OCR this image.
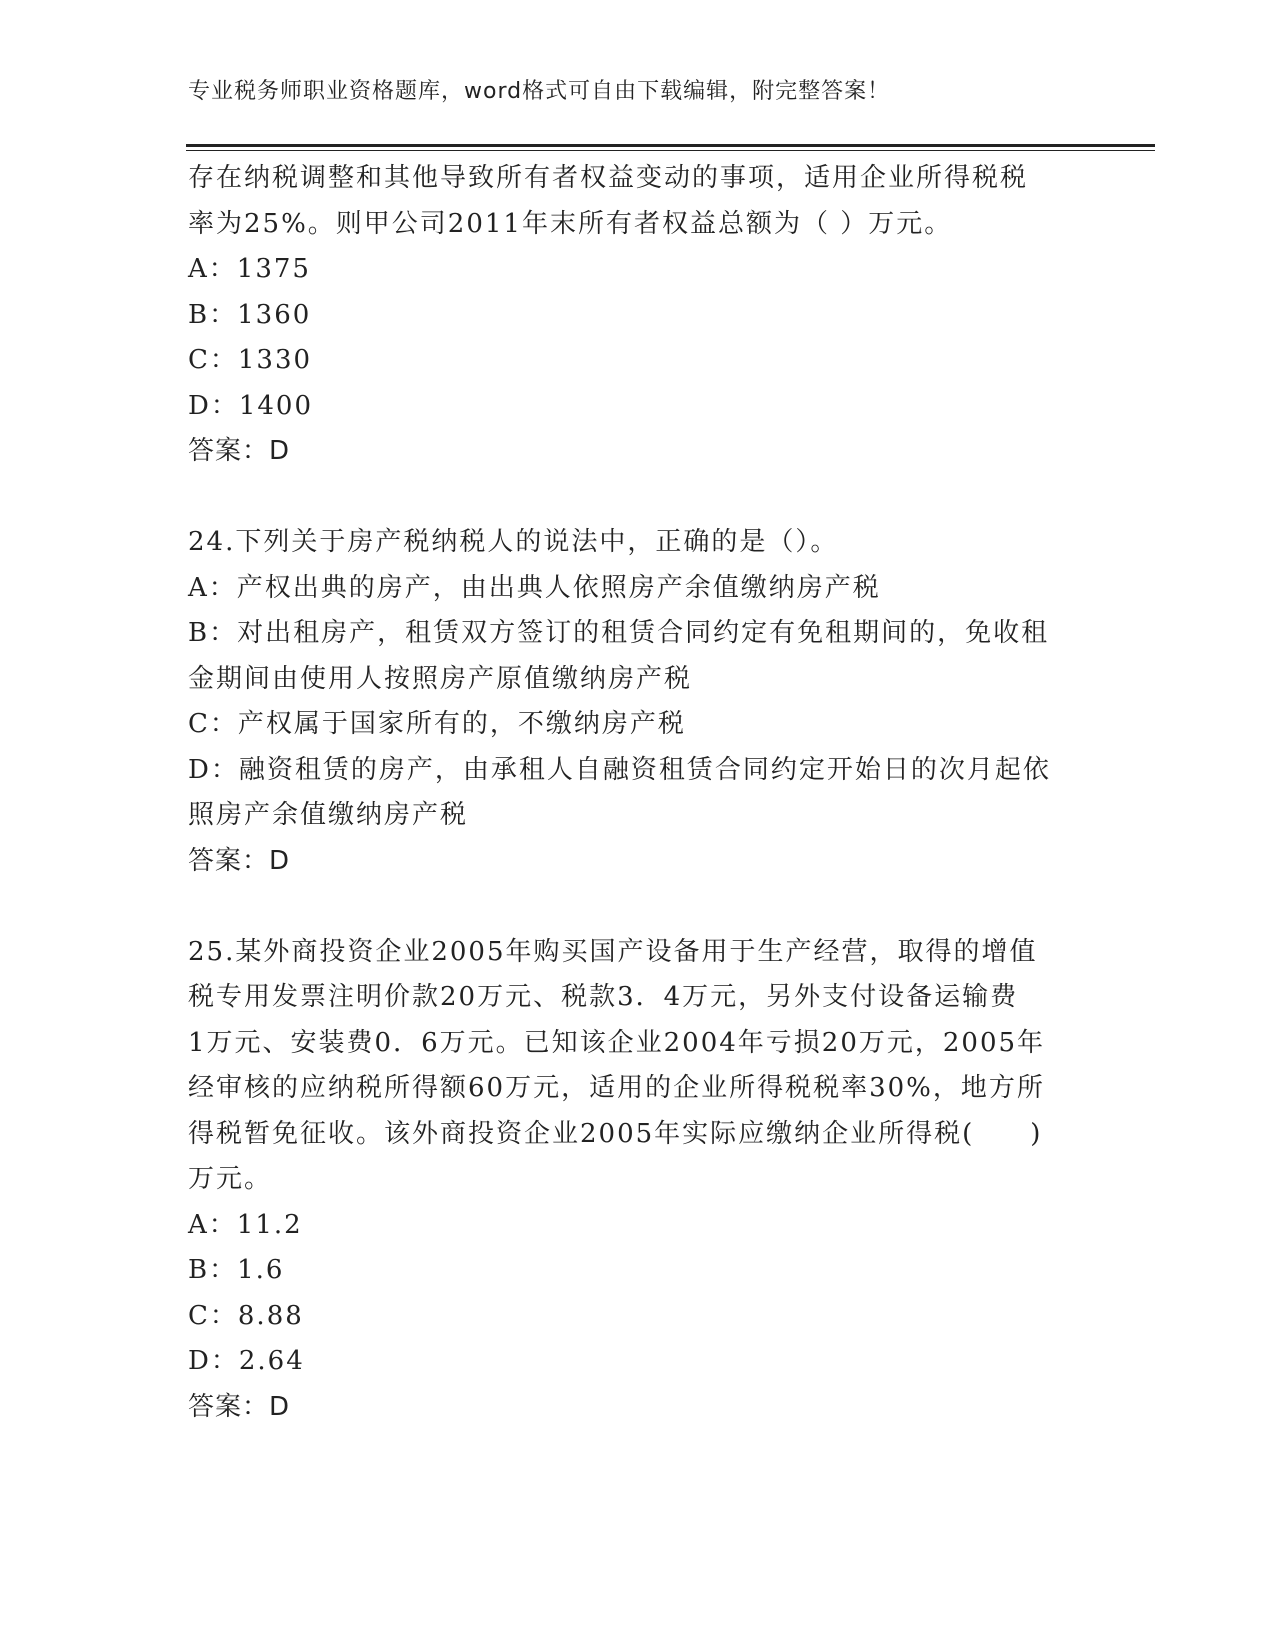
专业税务师职业资格题库，word格式可自由下载编辑，附完整答案！
存在纳税调整和其他导致所有者权益变动的事项，适用企业所得税税
率为25%。则甲公司2011年末所有者权益总额为（ ）万元。
A：1375
B：1360
C：1330
D：1400
答案：D
24.下列关于房产税纳税人的说法中，正确的是（）。
A：产权出典的房产，由出典人依照房产余值缴纳房产税
B：对出租房产，租赁双方签订的租赁合同约定有免租期间的，免收租
金期间由使用人按照房产原值缴纳房产税
C：产权属于国家所有的，不缴纳房产税
D：融资租赁的房产，由承租人自融资租赁合同约定开始日的次月起依
照房产余值缴纳房产税
答案：D
25.某外商投资企业2005年购买国产设备用于生产经营，取得的增值
税专用发票注明价款20万元、税款3．4万元，另外支付设备运输费
1万元、安装费0．6万元。已知该企业2004年亏损20万元，2005年
经审核的应纳税所得额60万元，适用的企业所得税税率30%，地方所
得税暂免征收。该外商投资企业2005年实际应缴纳企业所得税(　　)
万元。
A：11.2
B：1.6
C：8.88
D：2.64
答案：D
